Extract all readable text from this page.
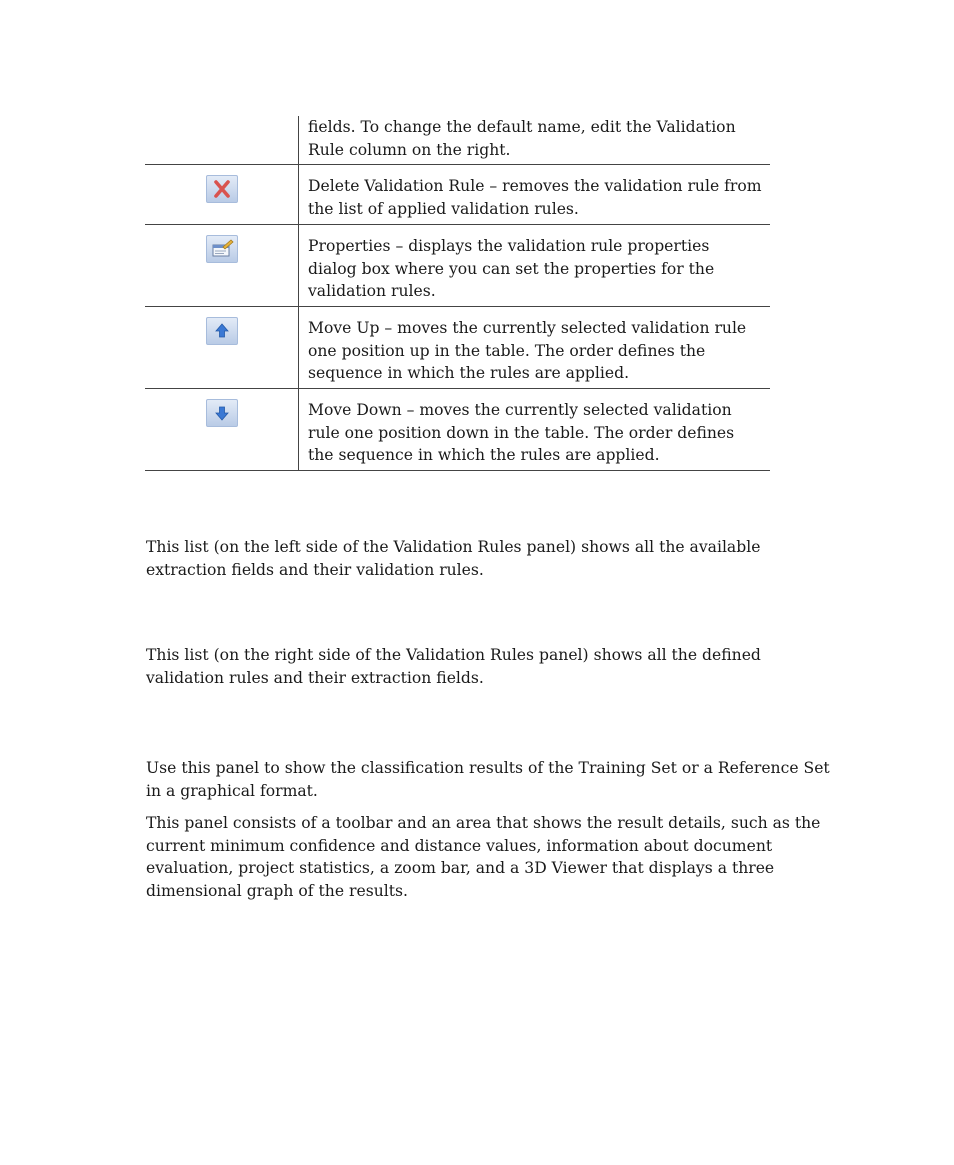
fields. To change the default name, edit the Validation Rule column on the right.
Delete Validation Rule – removes the validation rule from the list of applied validation rules.
Properties – displays the validation rule properties dialog box where you can set the properties for the validation rules.
Move Up – moves the currently selected validation rule one position up in the table. The order defines the sequence in which the rules are applied.
Move Down – moves the currently selected validation rule one position down in the table. The order defines the sequence in which the rules are applied.

This list (on the left side of the Validation Rules panel) shows all the available extraction fields and their validation rules.

This list (on the right side of the Validation Rules panel) shows all the defined validation rules and their extraction fields.

Use this panel to show the classification results of the Training Set or a Reference Set in a graphical format.

This panel consists of a toolbar and an area that shows the result details, such as the current minimum confidence and distance values, information about document evaluation, project statistics, a zoom bar, and a 3D Viewer that displays a three dimensional graph of the results.
